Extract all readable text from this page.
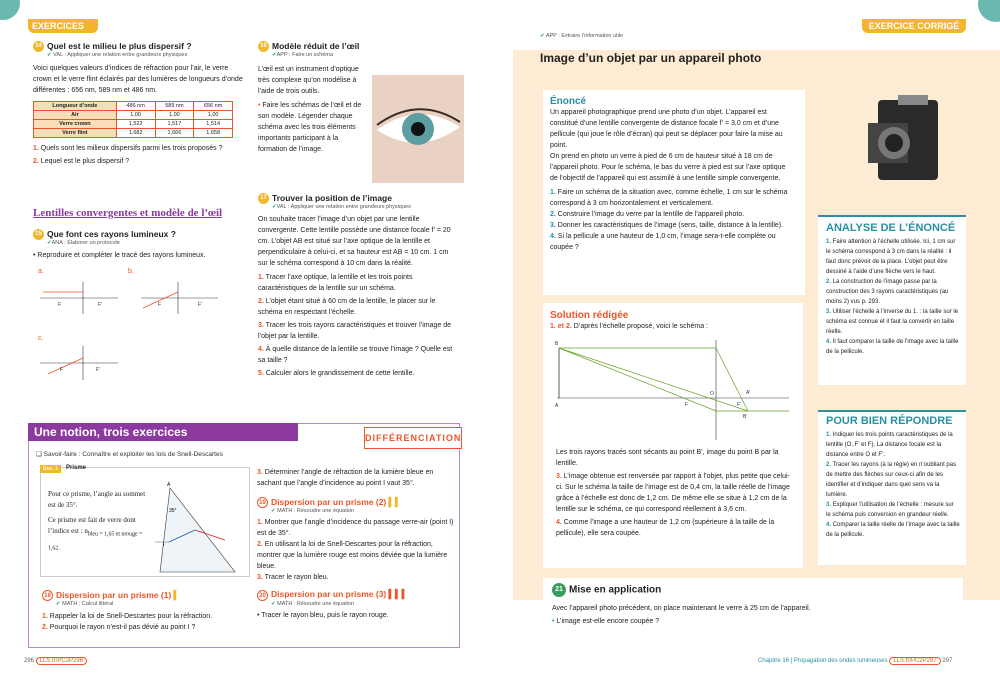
EXERCICES	EXERCICE CORRIGÉ
14 Quel est le milieu le plus dispersif ?
✔ VAL : Appliquer une relation entre grandeurs physiques
Voici quelques valeurs d’indices de réfraction pour l’air, le verre crown et le verre flint éclairés par des lumières de longueurs d’onde différentes : 656 nm, 589 nm et 486 nm.
Longueur d’onde	486 nm	589 nm	656 nm
Air	1,00	1,00	1,00
Verre crown	1,522	1,517	1,514
Verre flint	1,682	1,666	1,658
1. Quels sont les milieux dispersifs parmi les trois proposés ?
2. Lequel est le plus dispersif ?
Lentilles convergentes et modèle de l’œil
15 Que font ces rayons lumineux ?
✔ANA : Élaborer un protocole
• Reproduire et compléter le tracé des rayons lumineux.
a.	b.
c.
F	F’	F	F’
F	F’
16 Modèle réduit de l’œil
✔APP : Faire un schéma
L’œil est un instrument d’optique très complexe qu’on modélise à l’aide de trois outils.
• Faire les schémas de l’œil et de son modèle. Légender chaque schéma avec les trois éléments importants participant à la formation de l’image.
17 Trouver la position de l’image
✔VAL : Appliquer une relation entre grandeurs physiques
On souhaite tracer l’image d’un objet par une lentille convergente. Cette lentille possède une distance focale f’ = 20 cm. L’objet AB est situé sur l’axe optique de la lentille et perpendiculaire à celui-ci, et sa hauteur est AB = 10 cm. 1 cm sur le schéma correspond à 10 cm dans la réalité.
1. Tracer l’axe optique, la lentille et les trois points caractéristiques de la lentille sur un schéma.
2. L’objet étant situé à 60 cm de la lentille, le placer sur le schéma en respectant l’échelle.
3. Tracer les trois rayons caractéristiques et trouver l’image de l’objet par la lentille.
4. À quelle distance de la lentille se trouve l’image ? Quelle est sa taille ?
5. Calculer alors le grandissement de cette lentille.
Une notion, trois exercices	DIFFÉRENCIATION
❑ Savoir-faire : Connaître et exploiter les lois de Snell-Descartes
Doc. 1	Prisme
Pour ce prisme, l’angle au sommet est de 35°.
Ce prisme est fait de verre dont l’indice est : $n_{bleu = 1,65 et nrouge = 1,62.}$
A
35°
I
18 Dispersion par un prisme (1) ▍
✔ MATH : Calcul littéral
1. Rappeler la loi de Snell-Descartes pour la réfraction.
2. Pourquoi le rayon n’est-il pas dévié au point I ?
3. Déterminer l’angle de réfraction de la lumière bleue en sachant que l’angle d’incidence au point I vaut 35°.
19 Dispersion par un prisme (2) ▍▍
✔ MATH : Résoudre une équation
1. Montrer que l’angle d’incidence du passage verre-air (point I) est de 35°.
2. En utilisant la loi de Snell-Descartes pour la réfraction, montrer que la lumière rouge est moins déviée que la lumière bleue.
3. Tracer le rayon bleu.
20 Dispersion par un prisme (3) ▍▍▍
✔ MATH : Résoudre une équation
• Tracer le rayon bleu, puis le rayon rouge.
✔ APP : Extraire l’information utile
Image d’un objet par un appareil photo
Énoncé
Un appareil photographique prend une photo d’un objet. L’appareil est constitué d’une lentille convergente de distance focale f’ = 3,0 cm et d’une pellicule (qui joue le rôle d’écran) qui peut se déplacer pour faire la mise au point.
On prend en photo un verre à pied de 6 cm de hauteur situé à 18 cm de l’appareil photo. Pour le schéma, le bas du verre à pied est sur l’axe optique de l’objectif de l’appareil qui est assimilé à une lentille simple convergente.
1. Faire un schéma de la situation avec, comme échelle, 1 cm sur le schéma correspond à 3 cm horizontalement et verticalement.
2. Construire l’image du verre par la lentille de l’appareil photo.
3. Donner les caractéristiques de l’image (sens, taille, distance à la lentille).
4. Si la pellicule a une hauteur de 1,0 cm, l’image sera-t-elle complète ou coupée ?
Solution rédigée
1. et 2. D’après l’échelle proposé, voici le schéma :
B
A
O
F	F’
A’
B’
Les trois rayons tracés sont sécants au point B’, image du point B par la lentille.
3. L’image obtenue est renversée par rapport à l’objet, plus petite que celui-ci. Sur le schéma la taille de l’image est de 0,4 cm, la taille réelle de l’image grâce à l’échelle est donc de 1,2 cm. De même elle se situe à 1,2 cm de la lentille sur le schéma, ce qui correspond réellement à 3,6 cm.
4. Comme l’image a une hauteur de 1,2 cm (supérieure à la taille de la pellicule), elle sera coupée.
ANALYSE DE L’ÉNONCÉ
1. Faire attention à l’échelle utilisée. Ici, 1 cm sur le schéma correspond à 3 cm dans la réalité : il faut donc prévoir de la place. L’objet peut être dessiné à l’aide d’une flèche vers le haut.
2. La construction de l’image passe par la construction des 3 rayons caractéristiques (au moins 2) vus p. 293.
3. Utiliser l’échelle à l’inverse du 1. : la taille sur le schéma est connue et il faut la convertir en taille réelle.
4. Il faut comparer la taille de l’image avec la taille de la pellicule.
POUR BIEN RÉPONDRE
1. Indiquer les trois points caractéristiques de la lentille (O, F’ et F). La distance focale est la distance entre O et F’.
2. Tracer les rayons (à la règle) en n’oubliant pas de mettre des flèches sur ceux-ci afin de les identifier et d’indiquer dans quel sens va la lumière.
3. Expliquer l’utilisation de l’échelle : mesure sur le schéma puis conversion en grandeur réelle.
4. Comparer la taille réelle de l’image avec la taille de la pellicule.
21 Mise en application
Avec l’appareil photo précédent, on place maintenant le verre à 25 cm de l’appareil.
• L’image est-elle encore coupée ?
296 LLS.fr/PC2P296	Chapitre 16 | Propagation des ondes lumineuses LLS.fr/PC2P297 297
